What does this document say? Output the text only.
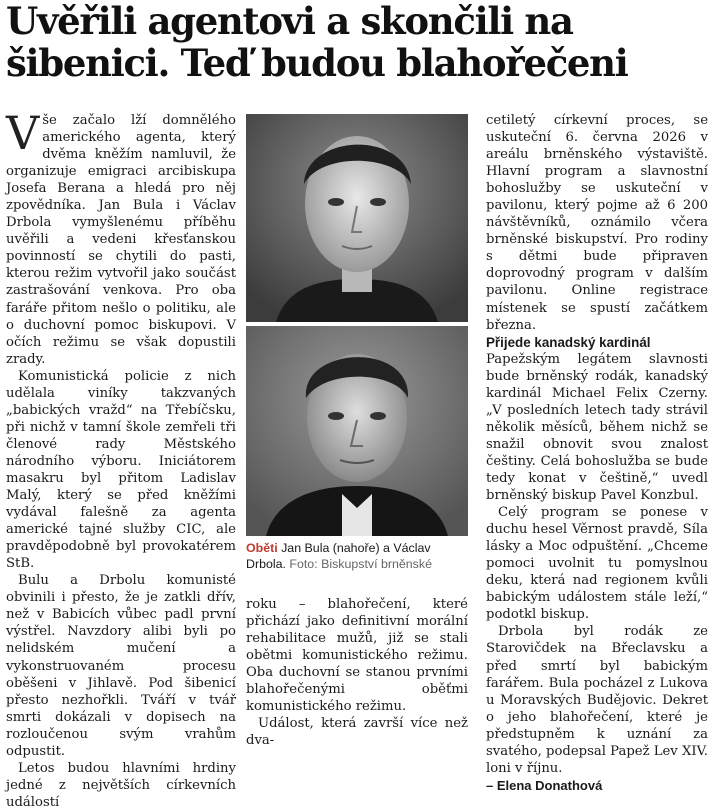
Uvěřili agentovi a skončili na šibenici. Teď budou blahořečeni

Vše začalo lží domnělého amerického agenta, který dvěma kněžím namluvil, že organizuje emigraci arcibiskupa Josefa Berana a hledá pro něj zpovědníka. Jan Bula i Václav Drbola vymyšlenému příběhu uvěřili a vedeni křesťanskou povinností se chytili do pasti, kterou režim vytvořil jako součást zastrašování venkova. Pro oba faráře přitom nešlo o politiku, ale o duchovní pomoc biskupovi. V očích režimu se však dopustili zrady.

Komunistická policie z nich udělala viníky takzvaných „babických vražd“ na Třebíčsku, při nichž v tamní škole zemřeli tři členové rady Městského národního výboru. Iniciátorem masakru byl přitom Ladislav Malý, který se před kněžími vydával falešně za agenta americké tajné služby CIC, ale pravděpodobně byl provokatérem StB.

Bulu a Drbolu komunisté obvinili i přesto, že je zatkli dřív, než v Babicích vůbec padl první výstřel. Navzdory alibi byli po nelidském mučení a vykonstruovaném procesu oběšeni v Jihlavě. Pod šibenicí přesto nezhořkli. Tváří v tvář smrti dokázali v dopisech na rozloučenou svým vrahům odpustit.

Letos budou hlavními hrdiny jedné z největších církevních událostí

Oběti Jan Bula (nahoře) a Václav Drbola. Foto: Biskupství brněnské

roku – blahořečení, které přichází jako definitivní morální rehabilitace mužů, již se stali obětmi komunistického režimu. Oba duchovní se stanou prvními blahořečenými oběťmi komunistického režimu.

Událost, která završí více než dva-

cetiletý církevní proces, se uskuteční 6. června 2026 v areálu brněnského výstaviště. Hlavní program a slavnostní bohoslužby se uskuteční v pavilonu, který pojme až 6 200 návštěvníků, oznámilo včera brněnské biskupství. Pro rodiny s dětmi bude připraven doprovodný program v dalším pavilonu. Online registrace místenek se spustí začátkem března.

Přijede kanadský kardinál

Papežským legátem slavnosti bude brněnský rodák, kanadský kardinál Michael Felix Czerny. „V posledních letech tady strávil několik měsíců, během nichž se snažil obnovit svou znalost češtiny. Celá bohoslužba se bude tedy konat v češtině,“ uvedl brněnský biskup Pavel Konzbul.

Celý program se ponese v duchu hesel Věrnost pravdě, Síla lásky a Moc odpuštění. „Chceme pomoci uvolnit tu pomyslnou deku, která nad regionem kvůli babickým událostem stále leží,“ podotkl biskup.

Drbola byl rodák ze Starovičdek na Břeclavsku a před smrtí byl babickým farářem. Bula pocházel z Lukova u Moravských Budějovic. Dekret o jeho blahořečení, které je předstupněm k uznání za svatého, podepsal Papež Lev XIV. loni v říjnu.

– Elena Donathová
